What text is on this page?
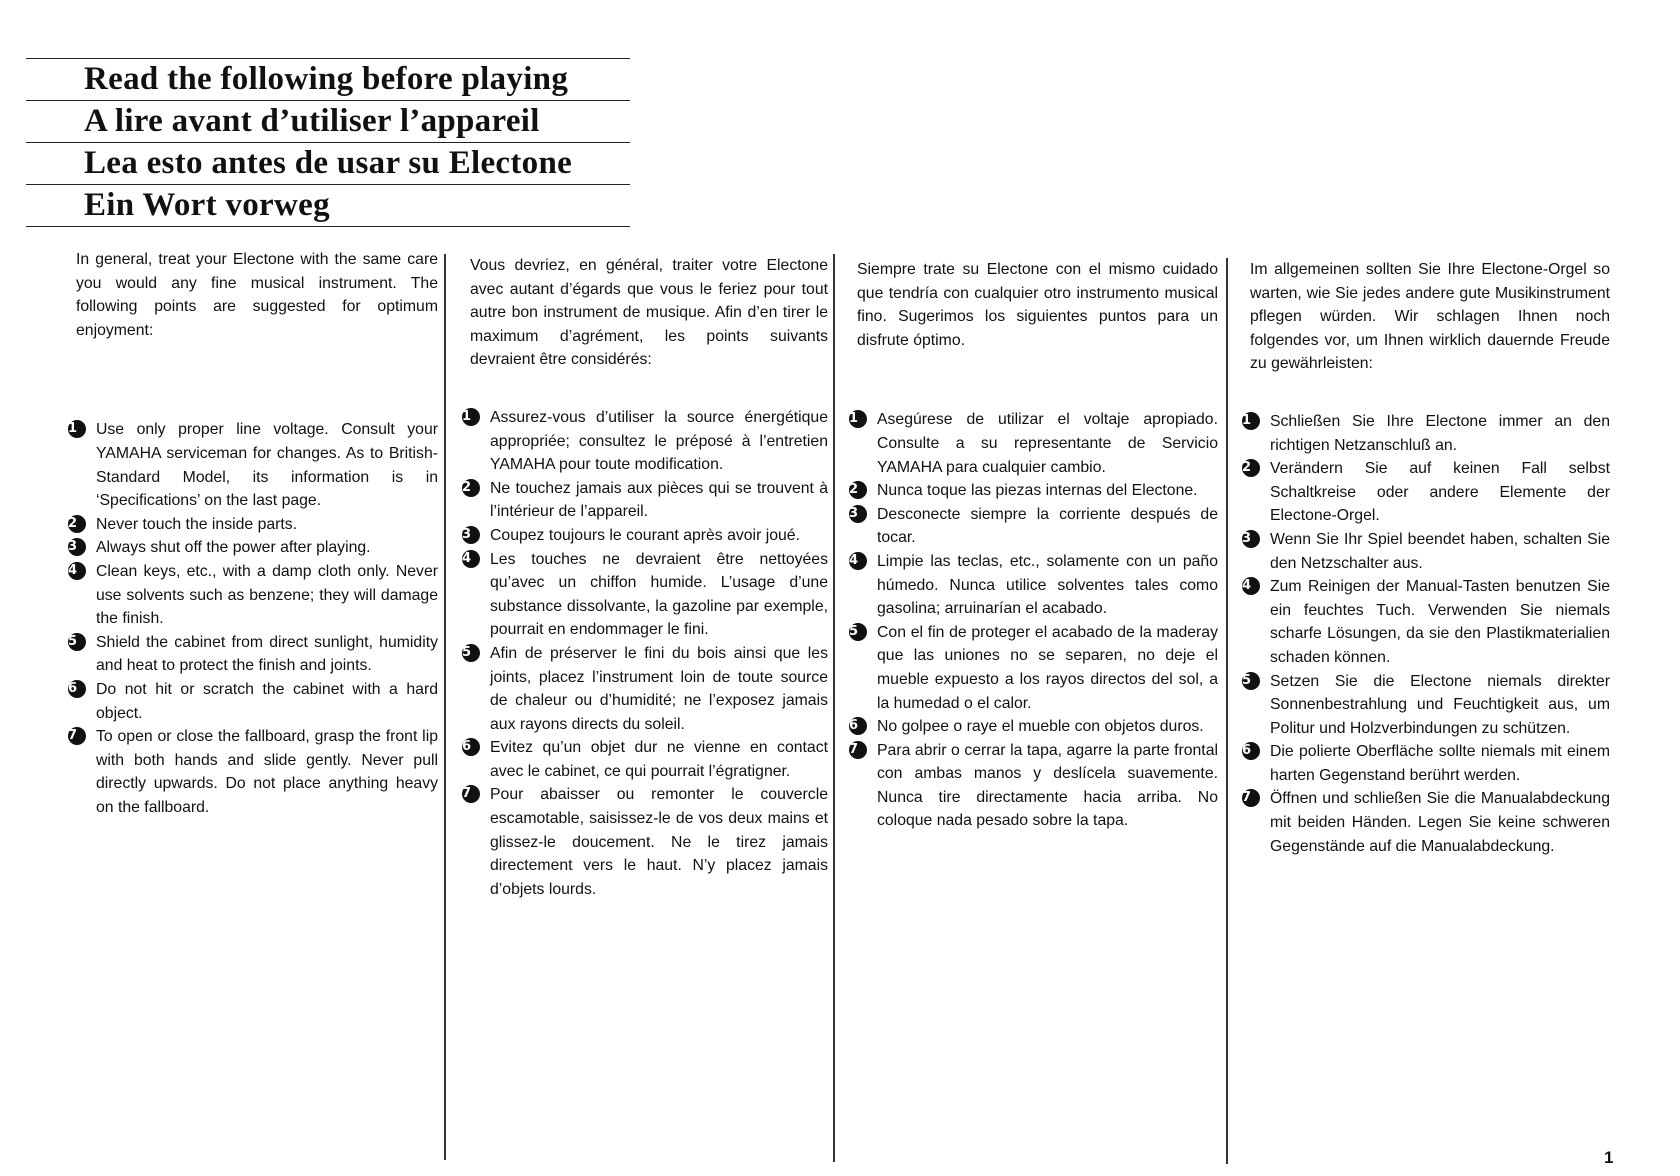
Read the following before playing
A lire avant d’utiliser l’appareil
Lea esto antes de usar su Electone
Ein Wort vorweg

In general, treat your Electone with the same care you would any fine musical instrument. The following points are suggested for optimum enjoyment:

1	Use only proper line voltage. Consult your YAMAHA serviceman for changes. As to British-Standard Model, its information is in ‘Specifications’ on the last page.
2	Never touch the inside parts.
3	Always shut off the power after playing.
4	Clean keys, etc., with a damp cloth only. Never use solvents such as benzene; they will damage the finish.
5	Shield the cabinet from direct sunlight, humidity and heat to protect the finish and joints.
6	Do not hit or scratch the cabinet with a hard object.
7	To open or close the fallboard, grasp the front lip with both hands and slide gently. Never pull directly upwards. Do not place anything heavy on the fallboard.

Vous devriez, en général, traiter votre Electone avec autant d’égards que vous le feriez pour tout autre bon instrument de musique. Afin d’en tirer le maximum d’agrément, les points suivants devraient être considérés:

1	Assurez-vous d’utiliser la source énergétique appropriée; consultez le préposé à l’entretien YAMAHA pour toute modification.
2	Ne touchez jamais aux pièces qui se trouvent à l’intérieur de l’appareil.
3	Coupez toujours le courant après avoir joué.
4	Les touches ne devraient être nettoyées qu’avec un chiffon humide. L’usage d’une substance dissolvante, la gazoline par exemple, pourrait en endommager le fini.
5	Afin de préserver le fini du bois ainsi que les joints, placez l’instrument loin de toute source de chaleur ou d’humidité; ne l’exposez jamais aux rayons directs du soleil.
6	Evitez qu’un objet dur ne vienne en contact avec le cabinet, ce qui pourrait l’égratigner.
7	Pour abaisser ou remonter le couvercle escamotable, saisissez-le de vos deux mains et glissez-le doucement. Ne le tirez jamais directement vers le haut. N’y placez jamais d’objets lourds.

Siempre trate su Electone con el mismo cuidado que tendría con cualquier otro instrumento musical fino. Sugerimos los siguientes puntos para un disfrute óptimo.

1	Asegúrese de utilizar el voltaje apropiado. Consulte a su representante de Servicio YAMAHA para cualquier cambio.
2	Nunca toque las piezas internas del Electone.
3	Desconecte siempre la corriente después de tocar.
4	Limpie las teclas, etc., solamente con un paño húmedo. Nunca utilice solventes tales como gasolina; arruinarían el acabado.
5	Con el fin de proteger el acabado de la maderay que las uniones no se separen, no deje el mueble expuesto a los rayos directos del sol, a la humedad o el calor.
6	No golpee o raye el mueble con objetos duros.
7	Para abrir o cerrar la tapa, agarre la parte frontal con ambas manos y deslícela suavemente. Nunca tire directamente hacia arriba. No coloque nada pesado sobre la tapa.

Im allgemeinen sollten Sie Ihre Electone-Orgel so warten, wie Sie jedes andere gute Musikinstrument pflegen würden. Wir schlagen Ihnen noch folgendes vor, um Ihnen wirklich dauernde Freude zu gewährleisten:

1	Schließen Sie Ihre Electone immer an den richtigen Netzanschluß an.
2	Verändern Sie auf keinen Fall selbst Schaltkreise oder andere Elemente der Electone-Orgel.
3	Wenn Sie Ihr Spiel beendet haben, schalten Sie den Netzschalter aus.
4	Zum Reinigen der Manual-Tasten benutzen Sie ein feuchtes Tuch. Verwenden Sie niemals scharfe Lösungen, da sie den Plastikmaterialien schaden können.
5	Setzen Sie die Electone niemals direkter Sonnenbestrahlung und Feuchtigkeit aus, um Politur und Holzverbindungen zu schützen.
6	Die polierte Oberfläche sollte niemals mit einem harten Gegenstand berührt werden.
7	Öffnen und schließen Sie die Manualabdeckung mit beiden Händen. Legen Sie keine schweren Gegenstände auf die Manualabdeckung.
1
